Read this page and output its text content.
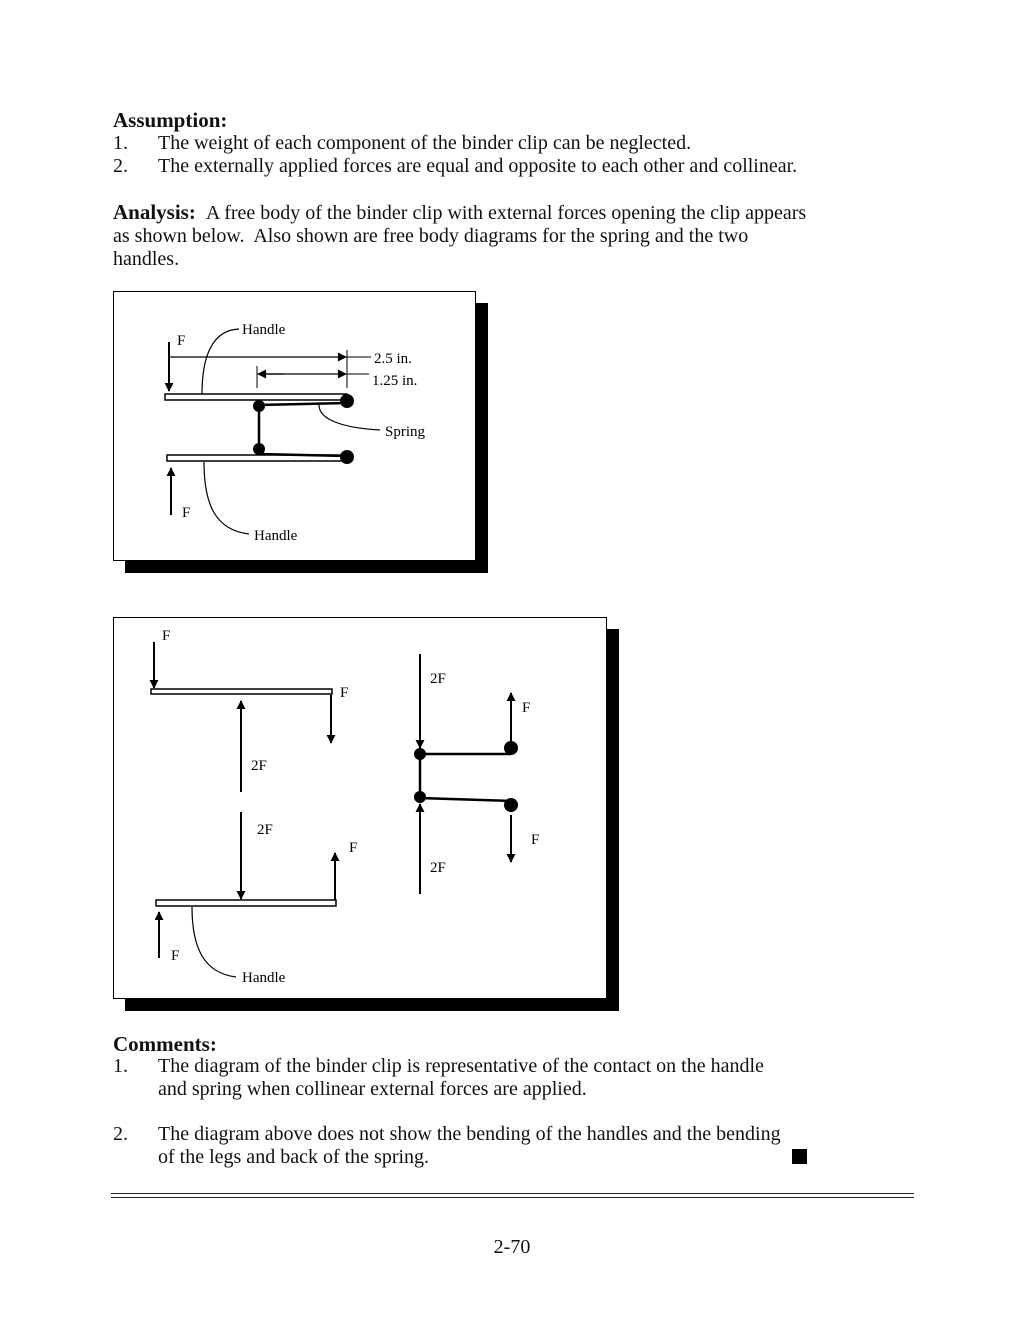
Assumption:
1. The weight of each component of the binder clip can be neglected.
2. The externally applied forces are equal and opposite to each other and collinear.
Analysis: A free body of the binder clip with external forces opening the clip appears
as shown below.  Also shown are free body diagrams for the spring and the two
handles.
F
Handle
2.5 in.
1.25 in.
Spring
F
Handle
F
F
2F
2F
F
F
Handle
2F
F
F
2F
Comments:
1. The diagram of the binder clip is representative of the contact on the handle
and spring when collinear external forces are applied.
2. The diagram above does not show the bending of the handles and the bending
of the legs and back of the spring.
2-70
